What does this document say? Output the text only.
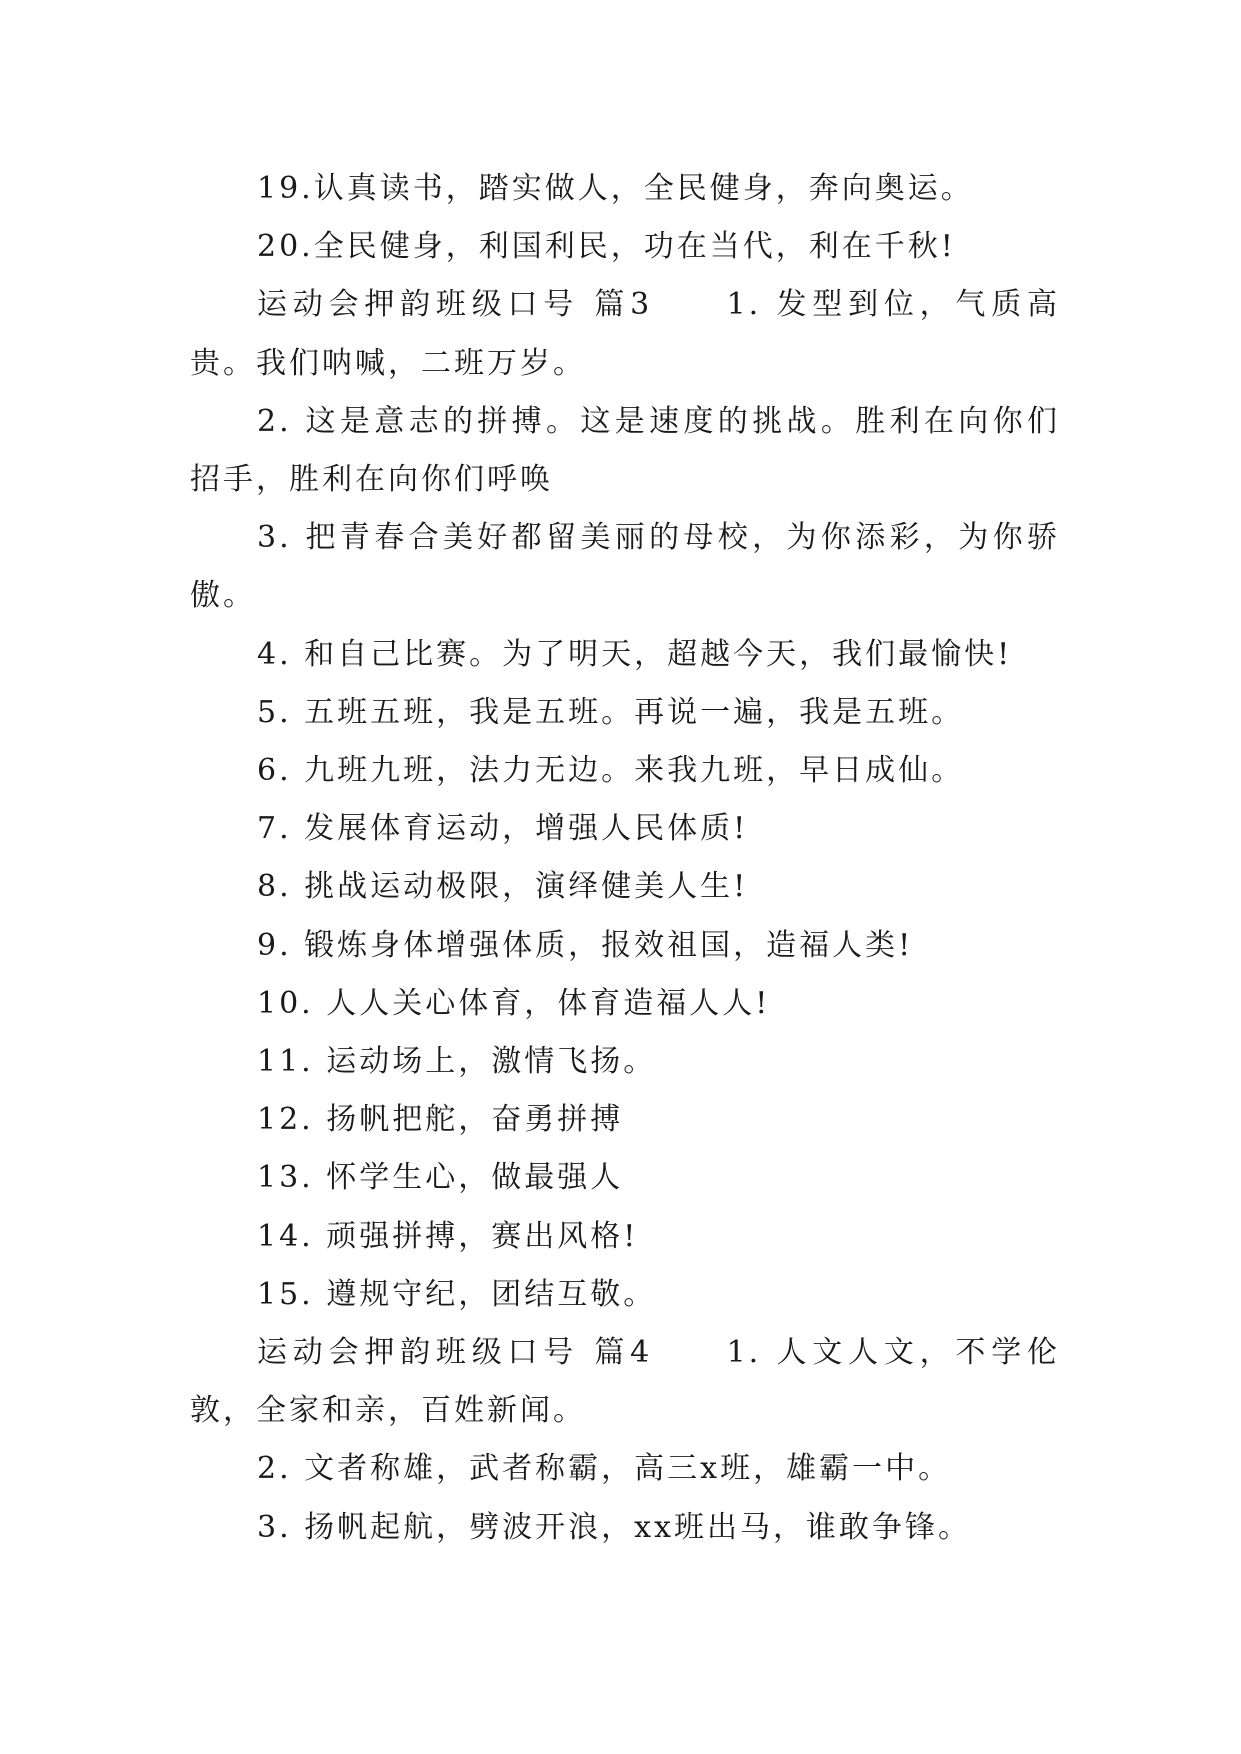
19.认真读书，踏实做人，全民健身，奔向奥运。

20.全民健身，利国利民，功在当代，利在千秋!

运动会押韵班级口号 篇3　　1. 发型到位，气质高贵。我们呐喊，二班万岁。

2. 这是意志的拼搏。这是速度的挑战。胜利在向你们招手，胜利在向你们呼唤

3. 把青春合美好都留美丽的母校，为你添彩，为你骄傲。

4. 和自己比赛。为了明天，超越今天，我们最愉快!

5. 五班五班，我是五班。再说一遍，我是五班。

6. 九班九班，法力无边。来我九班，早日成仙。

7. 发展体育运动，增强人民体质!

8. 挑战运动极限，演绎健美人生!

9. 锻炼身体增强体质，报效祖国，造福人类!

10. 人人关心体育，体育造福人人!

11. 运动场上，激情飞扬。

12. 扬帆把舵，奋勇拼搏

13. 怀学生心，做最强人

14. 顽强拼搏，赛出风格!

15. 遵规守纪，团结互敬。

运动会押韵班级口号 篇4　　1. 人文人文，不学伦敦，全家和亲，百姓新闻。

2. 文者称雄，武者称霸，高三x班，雄霸一中。

3. 扬帆起航，劈波开浪，xx班出马，谁敢争锋。
